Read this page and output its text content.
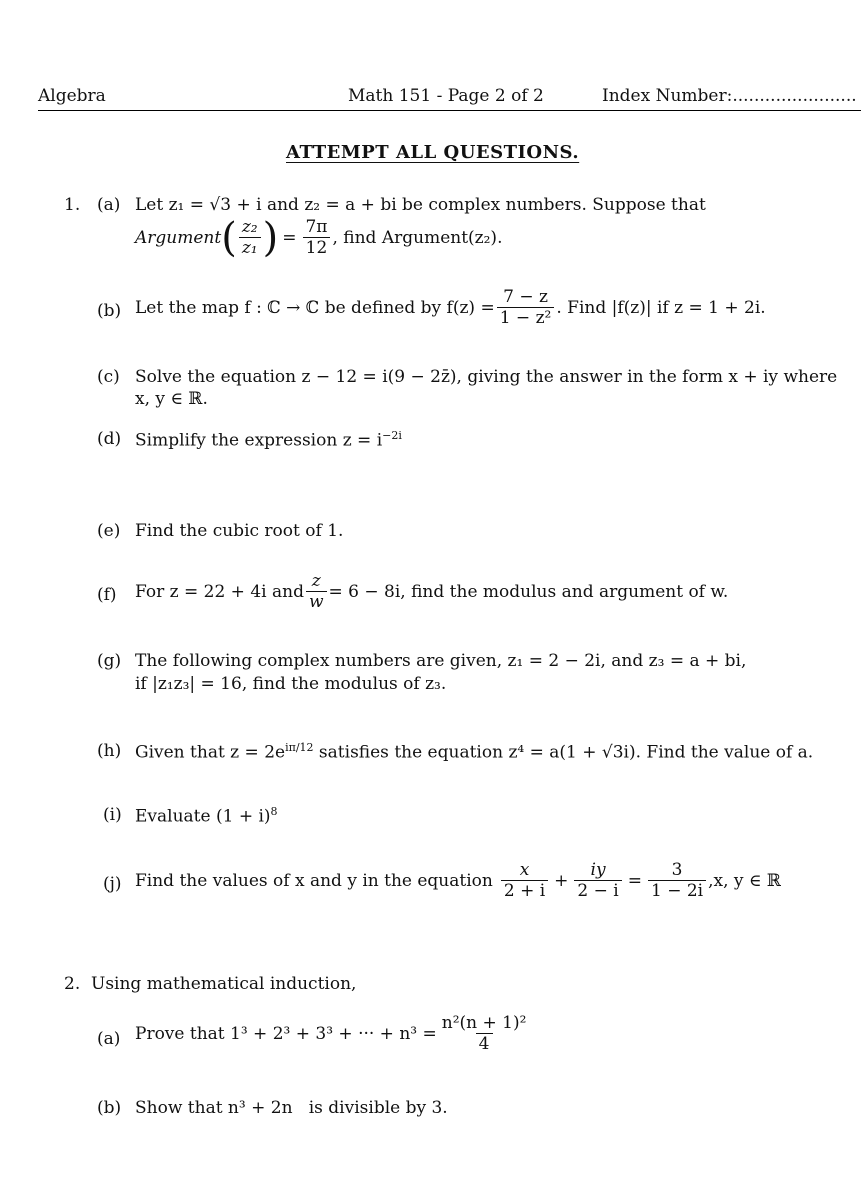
Algebra	Math 151 - Page 2 of 2	Index Number:.......................
ATTEMPT ALL QUESTIONS.
1. (a) Let z₁ = √3 + i and z₂ = a + bi be complex numbers. Suppose that
Argument ( $\frac{\text{z₂}}{\text{z₁}}$ ) = $\frac{7\pi}{12}$ , find Argument(z₂).
(b) Let the map f : ℂ → ℂ be defined by $f(z) = \frac{7 - z}{\text{1 − z²}}$ . Find |f(z)| if z = 1 + 2i.
(c) Solve the equation z − 12 = i(9 − 2z̄), giving the answer in the form x + iy where
x, y ∈ ℝ.
(d) Simplify the expression $z = i^{-2i}$
(e) Find the cubic root of 1.
(f) For z = 22 + 4i and $\frac{z}{w} = 6 - 8i$, find the modulus and argument of w.
(g) The following complex numbers are given, z₁ = 2 − 2i, and z₃ = a + bi,
if |z₁z₃| = 16, find the modulus of z₃.
(h) Given that $z = 2e^{i\pi/12}$ satisfies the equation z⁴ = a(1 + √3i). Find the value of a.
(i) Evaluate $(1 + i)^8$
(j) Find the values of x and y in the equation $\frac{x}{2 + i} + \frac{iy}{2 - i} = \frac{3}{1 - 2i} ,x$, y ∈ ℝ
2. Using mathematical induction,
(a) Prove that 1³ + 2³ + 3³ + ··· + $n^3 = \frac{\text{n²(n + 1)²}}{4}$
(b) Show that n³ + 2n   is divisible by 3.
